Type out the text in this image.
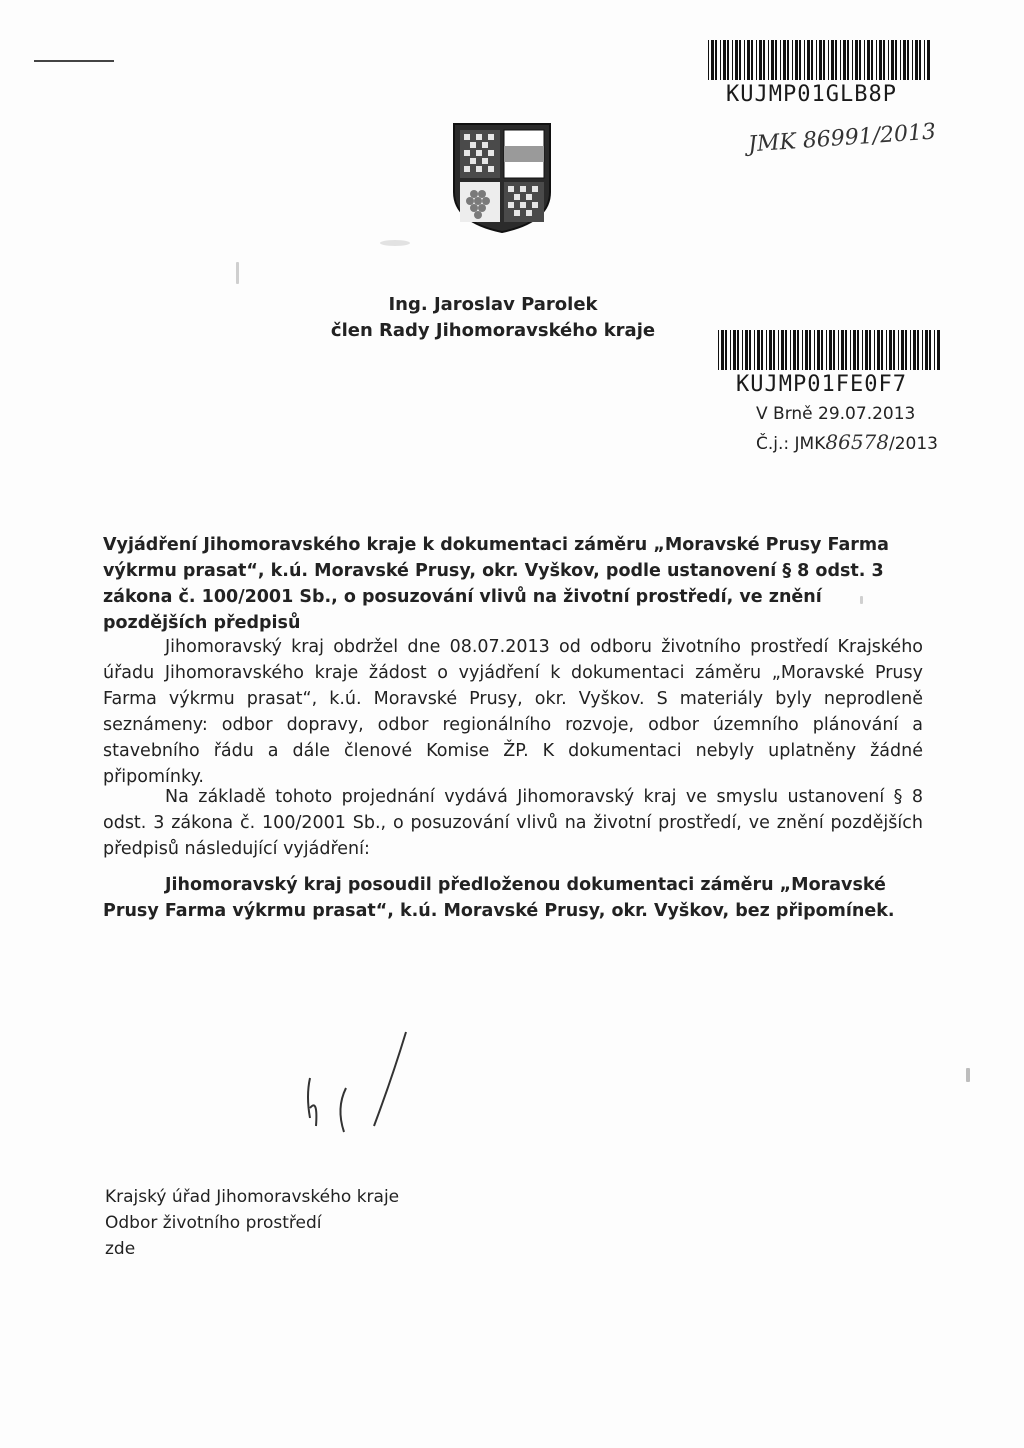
KUJMP01GLB8P
JMK 86991/2013
Ing. Jaroslav Parolek
člen Rady Jihomoravského kraje
KUJMP01FE0F7
V Brně 29.07.2013
Č.j.: JMK86578/2013
Vyjádření Jihomoravského kraje k dokumentaci záměru „Moravské Prusy Farma výkrmu prasat“, k.ú. Moravské Prusy, okr. Vyškov, podle ustanovení § 8 odst. 3 zákona č. 100/2001 Sb., o posuzování vlivů na životní prostředí, ve znění pozdějších předpisů
Jihomoravský kraj obdržel dne 08.07.2013 od odboru životního prostředí Krajského úřadu Jihomoravského kraje žádost o vyjádření k dokumentaci záměru „Moravské Prusy Farma výkrmu prasat“, k.ú. Moravské Prusy, okr. Vyškov. S materiály byly neprodleně seznámeny: odbor dopravy, odbor regionálního rozvoje, odbor územního plánování a stavebního řádu a dále členové Komise ŽP. K dokumentaci nebyly uplatněny žádné připomínky.
Na základě tohoto projednání vydává Jihomoravský kraj ve smyslu ustanovení § 8 odst. 3 zákona č. 100/2001 Sb., o posuzování vlivů na životní prostředí, ve znění pozdějších předpisů následující vyjádření:
Jihomoravský kraj posoudil předloženou dokumentaci záměru „Moravské Prusy Farma výkrmu prasat“, k.ú. Moravské Prusy, okr. Vyškov, bez připomínek.
Krajský úřad Jihomoravského kraje
Odbor životního prostředí
zde
